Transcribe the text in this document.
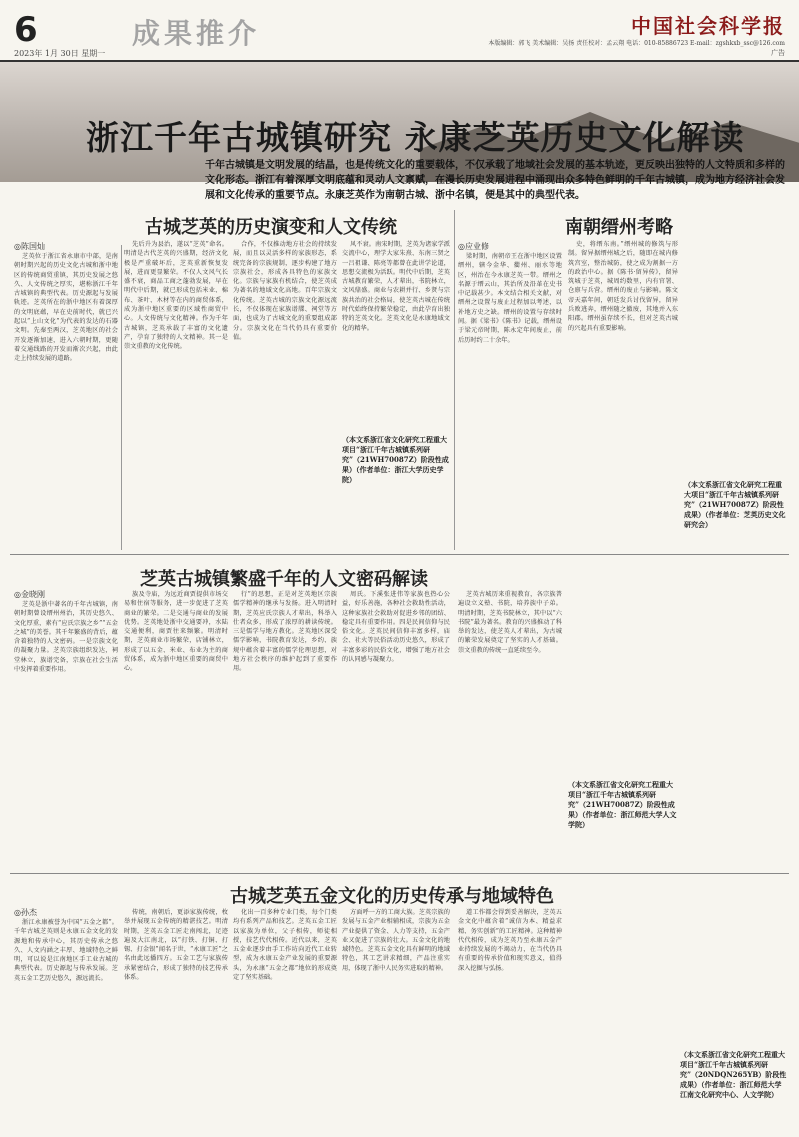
6	成果推介
2023年 1月 30日 星期一
中国社会科学报
本版编辑：郭飞 美术编辑：吴扬 责任校对：孟云翔 电话：010-85886723 E-mail：zgshkxb_ssc@126.com
广告
浙江千年古城镇研究 永康芝英历史文化解读
千年古城镇是文明发展的结晶，也是传统文化的重要载体，不仅承载了地域社会发展的基本轨迹，更反映出独特的人文特质和多样的文化形态。浙江有着深厚文明底蕴和灵动人文禀赋，在漫长历史发展进程中涌现出众多特色鲜明的千年古城镇，成为地方经济社会发展和文化传承的重要节点。永康芝英作为南朝古城、浙中名镇，便是其中的典型代表。
古城芝英的历史演变和人文传统
◎陈国灿

芝英位于浙江省永康市中部，是南朝时期兴起的历史文化古城和浙中地区的传统商贸重镇，其历史发展之悠久、人文传统之厚实，堪称浙江千年古城镇的典型代表。历史源起与发展轨迹。芝英所在的浙中地区有着深厚的文明底蕴，早在史前时代，就已兴起以“上山文化”为代表的发达的石器文明。先秦至两汉，芝英地区的社会开发逐渐加速，进入六朝时期，更随着交通线路的开发而渐次兴起，由此走上持续发展的道路。

先后升为县治，遂以“芝英”命名。明清是古代芝英的兴盛期，经济文化极是严重破坏后，芝英重新恢复发展，进而更显繁荣。不仅人文风气长盛不衰，商品工商之蓬勃发展，早在明代中后期，就已形成包括米业、棉布、茶叶、木材等在内的商贸体系，成为浙中地区重要的区域性商贸中心。人文传统与文化精神。作为千年古城镇，芝英承载了丰富的文化遗产，孕育了独特的人文精神。其一是崇文重教的文化传统。

合作，不仅推动地方社会的持续发展，而且以灵活多样的家族形态，系统完备的宗族规制，逐步构建了地方宗族社会，形成各具特色的家族文化。宗族与家族有机结合，使芝英成为著名的地域文化高地。百年宗族文化传统。芝英古城的宗族文化源远流长，不仅体现在家族谱牒、祠堂等方面，也成为了古城文化的重要组成部分。宗族文化在当代仍具有重要价值。

风不衰。南宋时期，芝英为诸家学派交流中心，理学大家朱熹、东南三贤之一吕祖谦、陈亮等都曾在此讲学论道，思想交流极为活跃。明代中后期，芝英古城教育繁荣，人才辈出，书院林立，文风鼎盛。商业与农耕并行、乡贤与宗族共治的社会格局，使芝英古城在传统时代始终保持繁荣稳定，由此孕育出独特的芝英文化。芝英文化是永康地域文化的精华。

（本文系浙江省文化研究工程重大项目“浙江千年古城镇系列研究”（21WH70087Z）阶段性成果）（作者单位：浙江大学历史学院）
南朝缙州考略
◎应业修

梁时期，南朝帝王在浙中地区设置缙州，辖今金华、衢州、丽水等地区，州治在今永康芝英一带。缙州之名源于缙云山，其治所及沿革在史书中记载甚少。本文结合相关文献，对缙州之设置与废止过程加以考述，以补地方史之缺。缙州的设置与存续时间。据《梁书》《陈书》记载，缙州设于梁元帝时期，陈永定年间废止，前后历时约二十余年。

史，将缙东南。”缙州城的修筑与形制。留异据缙州城之后，随即在城内修筑宫室，整治城防，使之成为割据一方的政治中心。据《陈书·留异传》，留异筑城于芝英，城周约数里，内有官署、仓廪与兵营。缙州的废止与影响。陈文帝天嘉年间，朝廷发兵讨伐留异，留异兵败逃奔，缙州随之撤废，其地并入东阳郡。缙州虽存续不长，但对芝英古城的兴起具有重要影响。

（本文系浙江省文化研究工程重大项目“浙江千年古城镇系列研究”（21WH70087Z）阶段性成果）（作者单位：芝英历史文化研究会）
芝英古城镇繁盛千年的人文密码解读
◎金晓刚

芝英是浙中著名的千年古城镇，南朝时期曾设缙州州治，其历史悠久、文化厚重，素有“应氏宗族之乡”“五金之城”的美誉。其千年繁盛的背后，蕴含着独特的人文密码。一是宗族文化的凝聚力量。芝英宗族组织发达，祠堂林立，族谱完备，宗族在社会生活中发挥着重要作用。

族及寺庙，为远近商贾提供市场交易和住宿等服务，进一步促进了芝英商业的繁荣。二是交通与商业的发展优势。芝英地处浙中交通要冲，水陆交通便利，商贾往来频繁。明清时期，芝英商业市场繁荣，店铺林立，形成了以五金、米业、布业为主的商贸体系，成为浙中地区重要的商贸中心。

行”的思想，正是对芝英地区宗族儒学精神的继承与发扬。进入明清时期，芝英应氏宗族人才辈出，科举入仕者众多，形成了浓厚的耕读传统。三是儒学与地方教化。芝英地区深受儒学影响，书院教育发达，乡约、族规中蕴含着丰富的儒学伦理思想，对地方社会秩序的维护起到了重要作用。

周氏。下溪张进伟等家族也热心公益，好乐善施，各种社会救助性活动，这种家族社会救助对促进乡邻的团结、稳定具有重要作用。四是民间信仰与民俗文化。芝英民间信仰丰富多样，庙会、社火等民俗活动历史悠久，形成了丰富多彩的民俗文化，增强了地方社会的认同感与凝聚力。

芝英古城历来重视教育，各宗族普遍设立义塾、书院，培养族中子弟。明清时期，芝英书院林立，其中以“六书院”最为著名。教育的兴盛推动了科举的发达，使芝英人才辈出，为古城的繁荣发展奠定了坚实的人才基础。崇文重教的传统一直延续至今。

（本文系浙江省文化研究工程重大项目“浙江千年古城镇系列研究”（21WH70087Z）阶段性成果）（作者单位：浙江师范大学人文学院）
古城芝英五金文化的历史传承与地域特色
◎孙杰

浙江永康被誉为中国“五金之都”。千年古城芝英则是永康五金文化的发源地和传承中心，其历史传承之悠久、人文内涵之丰厚、地域特色之鲜明，可以说是江南地区手工业古城的典型代表。历史源起与传承发展。芝英五金工艺历史悠久，源远流长。

传统，南朝后，更添家族传统，枚举并展现五金传统的精湛技艺。明清时期，芝英五金工匠走南闯北，足迹遍及大江南北，以“打铁、打铜、打锡、打金银”闻名于世，“永康工匠”之名由此远播四方。五金工艺与家族传承紧密结合，形成了独特的技艺传承体系。

化出一百多种专业门类，每个门类均有系列产品和技艺。芝英五金工匠以家族为单位，父子相传，师徒相授，技艺代代相传。近代以来，芝英五金业逐步由手工作坊向近代工业转型，成为永康五金产业发展的重要源头，为永康“五金之都”地位的形成奠定了坚实基础。

方面呼一方的工商大族。芝英宗族的发展与五金产业相辅相成，宗族为五金产业提供了资金、人力等支持，五金产业又促进了宗族的壮大。五金文化的地域特色。芝英五金文化具有鲜明的地域特色，其工艺讲求精细，产品注重实用，体现了浙中人民务实进取的精神。

道工作都会得到妥善解决，芝英五金文化中蕴含着“诚信为本、精益求精、务实创新”的工匠精神。这种精神代代相传，成为芝英乃至永康五金产业持续发展的不竭动力，在当代仍具有重要的传承价值和现实意义，值得深入挖掘与弘扬。

（本文系浙江省文化研究工程重大项目“浙江千年古城镇系列研究”（20NDQN265YB）阶段性成果）（作者单位：浙江师范大学江南文化研究中心、人文学院）
